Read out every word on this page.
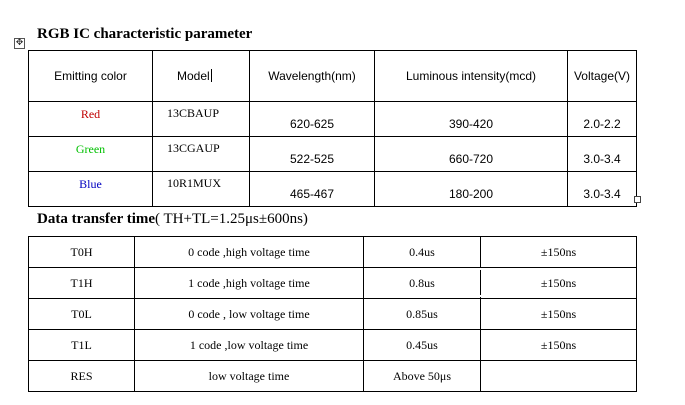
✥
RGB IC characteristic parameter
Emitting color	Model	Wavelength(nm)	Luminous intensity(mcd)	Voltage(V)
Red	13CBAUP	620-625	390-420	2.0-2.2
Green	13CGAUP	522-525	660-720	3.0-3.4
Blue	10R1MUX	465-467	180-200	3.0-3.4
Data transfer time( TH+TL=1.25μs±600ns)
T0H	0 code ,high voltage time	0.4us	±150ns
T1H	1 code ,high voltage time	0.8us	±150ns
T0L	0 code , low voltage time	0.85us	±150ns
T1L	1 code ,low voltage time	0.45us	±150ns
RES	low voltage time	Above 50μs	
